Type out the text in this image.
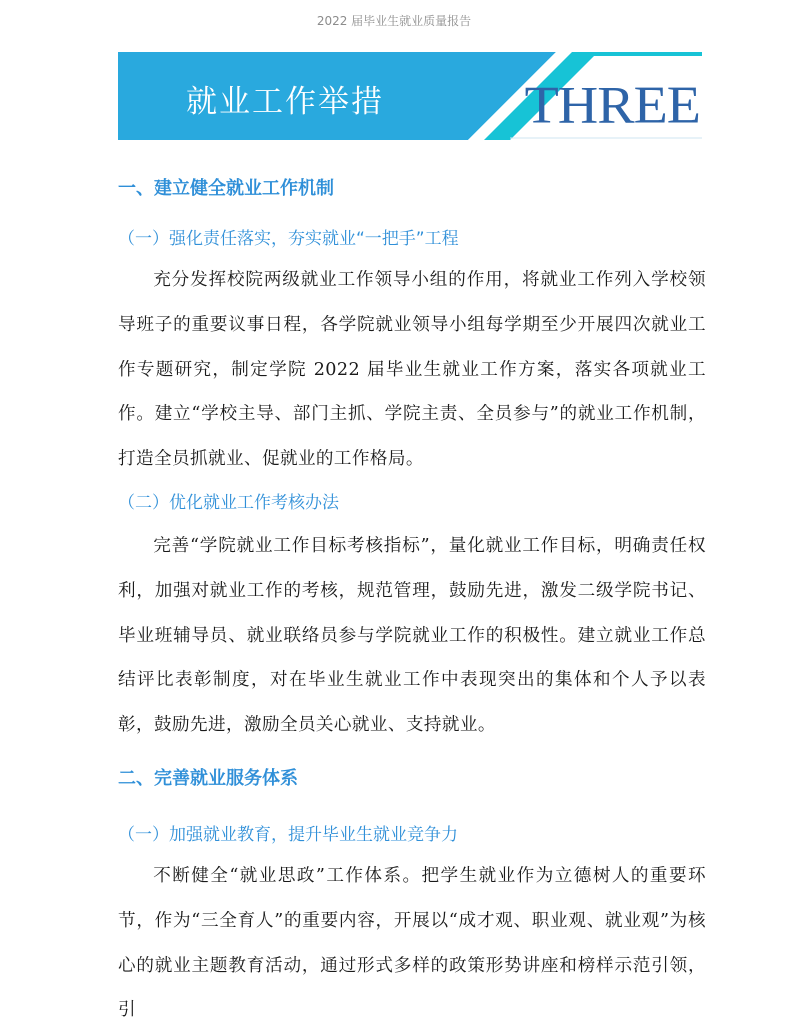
2022 届毕业生就业质量报告
就业工作举措	THREE
一、建立健全就业工作机制
（一）强化责任落实，夯实就业“一把手”工程
充分发挥校院两级就业工作领导小组的作用，将就业工作列入学校领导班子的重要议事日程，各学院就业领导小组每学期至少开展四次就业工作专题研究，制定学院 2022 届毕业生就业工作方案，落实各项就业工作。建立“学校主导、部门主抓、学院主责、全员参与”的就业工作机制，打造全员抓就业、促就业的工作格局。
（二）优化就业工作考核办法
完善“学院就业工作目标考核指标”，量化就业工作目标，明确责任权利，加强对就业工作的考核，规范管理，鼓励先进，激发二级学院书记、毕业班辅导员、就业联络员参与学院就业工作的积极性。建立就业工作总结评比表彰制度，对在毕业生就业工作中表现突出的集体和个人予以表彰，鼓励先进，激励全员关心就业、支持就业。
二、完善就业服务体系
（一）加强就业教育，提升毕业生就业竞争力
不断健全“就业思政”工作体系。把学生就业作为立德树人的重要环节，作为“三全育人”的重要内容，开展以“成才观、职业观、就业观”为核心的就业主题教育活动，通过形式多样的政策形势讲座和榜样示范引领，引
